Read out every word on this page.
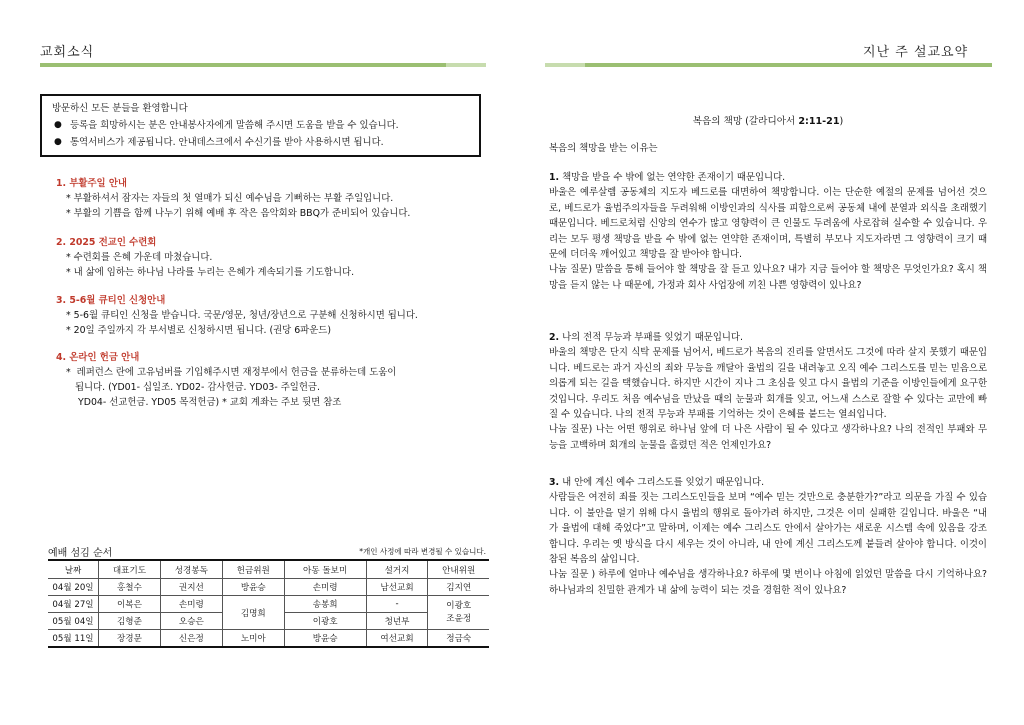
교회소식	지난 주 설교요약
방문하신 모든 분들을 환영합니다
● 등록을 희망하시는 분은 안내봉사자에게 말씀해 주시면 도움을 받을 수 있습니다.
● 통역서비스가 제공됩니다. 안내데스크에서 수신기를 받아 사용하시면 됩니다.
1. 부활주일 안내
* 부활하셔서 잠자는 자들의 첫 열매가 되신 예수님을 기뻐하는 부활 주일입니다.
* 부활의 기쁨을 함께 나누기 위해 예배 후 작은 음악회와 BBQ가 준비되어 있습니다.
2. 2025 전교인 수련회
* 수련회를 은혜 가운데 마쳤습니다.
* 내 삶에 임하는 하나님 나라를 누리는 은혜가 계속되기를 기도합니다.
3. 5-6월 큐티인 신청안내
* 5-6월 큐티인 신청을 받습니다. 국문/영문, 청년/장년으로 구분해 신청하시면 됩니다.
* 20일 주일까지 각 부서별로 신청하시면 됩니다. (권당 6파운드)
4. 온라인 헌금 안내
*  레퍼런스 란에 고유넘버를 기입해주시면 재정부에서 헌금을 분류하는데 도움이
됩니다. (YD01- 십일조. YD02- 감사헌금. YD03- 주일헌금.
YD04- 선교헌금. YD05 목적헌금) * 교회 계좌는 주보 뒷면 참조
예배 섬김 순서	*개인 사정에 따라 변경될 수 있습니다.
날짜	대표기도	성경봉독	헌금위원	아동 돌보미	설거지	안내위원
04월 20일	홍철수	권지선	방윤승	손미령	남선교회	김지연
04월 27일	이복은	손미령	김명희	송봉희	-	이광호
조윤정
05월 04일	김형준	오승은		이광호	청년부	
05월 11일	장경문	신은정	노미아	방윤승	여선교회	정금숙
복음의 책망 (갈라디아서 2:11-21)
복음의 책망을 받는 이유는
1. 책망을 받을 수 밖에 없는 연약한 존재이기 때문입니다.

바울은 예루살렘 공동체의 지도자 베드로를 대면하여 책망합니다. 이는 단순한 예절의 문제를 넘어선 것으로, 베드로가 율법주의자들을 두려워해 이방인과의 식사를 피함으로써 공동체 내에 분열과 외식을 초래했기 때문입니다. 베드로처럼 신앙의 연수가 많고 영향력이 큰 인물도 두려움에 사로잡혀 실수할 수 있습니다. 우리는 모두 평생 책망을 받을 수 밖에 없는 연약한 존재이며, 특별히 부모나 지도자라면 그 영향력이 크기 때문에 더더욱 깨어있고 책망을 잘 받아야 합니다.

나눔 질문) 말씀을 통해 들어야 할 책망을 잘 듣고 있나요? 내가 지금 들어야 할 책망은 무엇인가요? 혹시 책망을 듣지 않는 나 때문에, 가정과 회사 사업장에 끼친 나쁜 영향력이 있나요?

2. 나의 전적 무능과 부패를 잊었기 때문입니다.

바울의 책망은 단지 식탁 문제를 넘어서, 베드로가 복음의 진리를 알면서도 그것에 따라 살지 못했기 때문입니다. 베드로는 과거 자신의 죄와 무능을 깨달아 율법의 길을 내려놓고 오직 예수 그리스도를 믿는 믿음으로 의롭게 되는 길을 택했습니다. 하지만 시간이 지나 그 초심을 잊고 다시 율법의 기준을 이방인들에게 요구한 것입니다. 우리도 처음 예수님을 만났을 때의 눈물과 회개를 잊고, 어느새 스스로 잘할 수 있다는 교만에 빠질 수 있습니다. 나의 전적 무능과 부패를 기억하는 것이 은혜를 붙드는 열쇠입니다.

나눔 질문) 나는 어떤 행위로 하나님 앞에 더 나은 사람이 될 수 있다고 생각하나요? 나의 전적인 부패와 무능을 고백하며 회개의 눈물을 흘렸던 적은 언제인가요?

3. 내 안에 계신 예수 그리스도를 잊었기 때문입니다.

사람들은 여전히 죄를 짓는 그리스도인들을 보며 “예수 믿는 것만으로 충분한가?”라고 의문을 가질 수 있습니다. 이 불안을 덜기 위해 다시 율법의 행위로 돌아가려 하지만, 그것은 이미 실패한 길입니다. 바울은 “내가 율법에 대해 죽었다”고 말하며, 이제는 예수 그리스도 안에서 살아가는 새로운 시스템 속에 있음을 강조합니다. 우리는 옛 방식을 다시 세우는 것이 아니라, 내 안에 계신 그리스도께 붙들려 살아야 합니다. 이것이 참된 복음의 삶입니다.

나눔 질문 ) 하루에 얼마나 예수님을 생각하나요? 하루에 몇 번이나 아침에 읽었던 말씀을 다시 기억하나요? 하나님과의 친밀한 관계가 내 삶에 능력이 되는 것을 경험한 적이 있나요?
